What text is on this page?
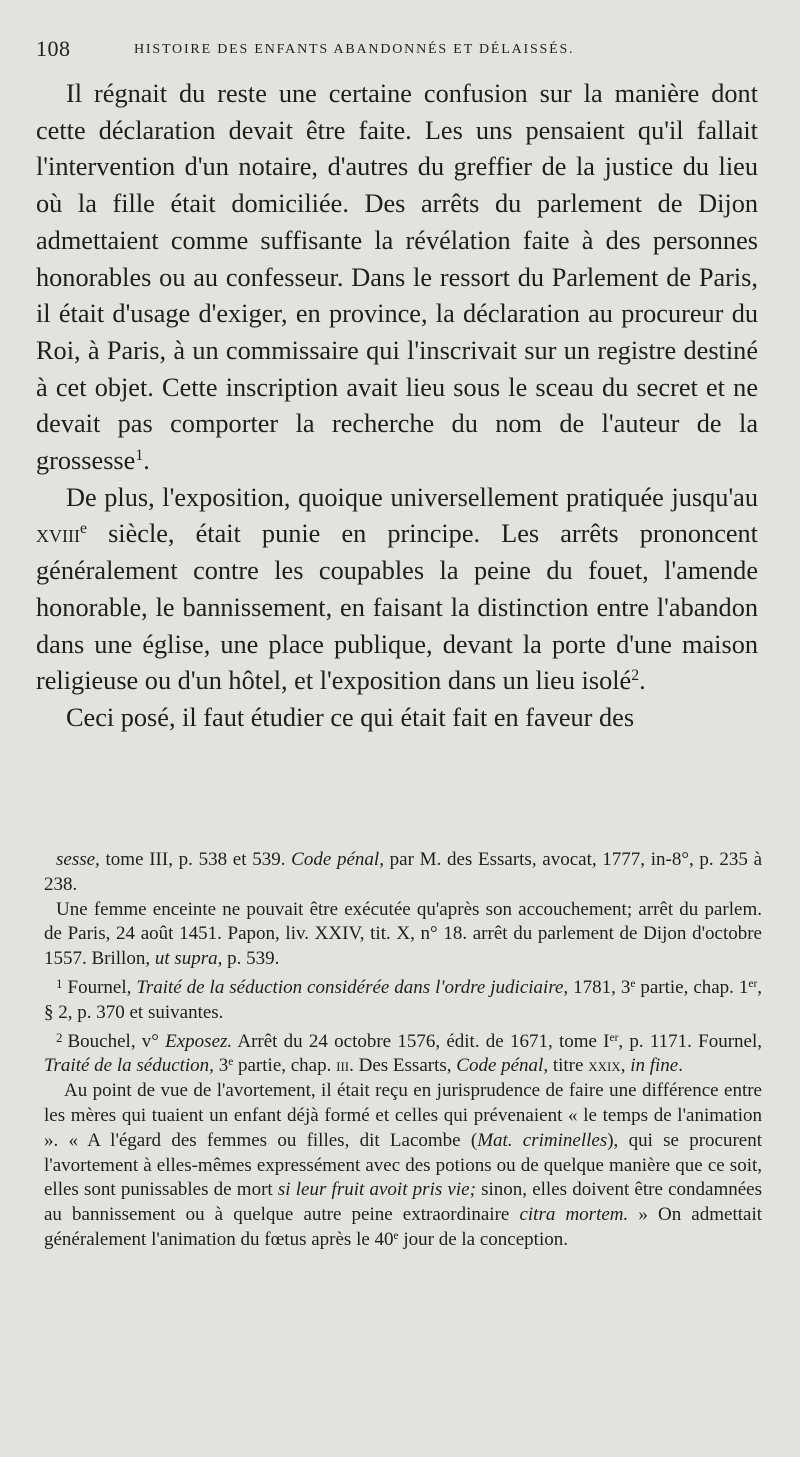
108	HISTOIRE DES ENFANTS ABANDONNÉS ET DÉLAISSÉS.

Il régnait du reste une certaine confusion sur la manière dont cette déclaration devait être faite. Les uns pensaient qu'il fallait l'intervention d'un notaire, d'autres du greffier de la justice du lieu où la fille était domiciliée. Des arrêts du parlement de Dijon admettaient comme suffisante la révélation faite à des personnes honorables ou au confesseur. Dans le ressort du Parlement de Paris, il était d'usage d'exiger, en province, la déclaration au procureur du Roi, à Paris, à un commissaire qui l'inscrivait sur un registre destiné à cet objet. Cette inscription avait lieu sous le sceau du secret et ne devait pas comporter la recherche du nom de l'auteur de la grossesse$^1$.

De plus, l'exposition, quoique universellement pratiquée jusqu'au xviii$^e$ siècle, était punie en principe. Les arrêts prononcent généralement contre les coupables la peine du fouet, l'amende honorable, le bannissement, en faisant la distinction entre l'abandon dans une église, une place publique, devant la porte d'une maison religieuse ou d'un hôtel, et l'exposition dans un lieu isolé$^2$.

Ceci posé, il faut étudier ce qui était fait en faveur des

sesse, tome III, p. 538 et 539. Code pénal, par M. des Essarts, avocat, 1777, in-8°, p. 235 à 238.

Une femme enceinte ne pouvait être exécutée qu'après son accouchement; arrêt du parlem. de Paris, 24 août 1451. Papon, liv. XXIV, tit. X, n° 18. arrêt du parlement de Dijon d'octobre 1557. Brillon, ut supra, p. 539.

$^1$ Fournel, Traité de la séduction considérée dans l'ordre judiciaire, 1781, 3e partie, chap. 1er, § 2, p. 370 et suivantes.

$^2$ Bouchel, v° Exposez. Arrêt du 24 octobre 1576, édit. de 1671, tome Ier, p. 1171. Fournel, Traité de la séduction, 3e partie, chap. iii. Des Essarts, Code pénal, titre xxix, in fine.

Au point de vue de l'avortement, il était reçu en jurisprudence de faire une différence entre les mères qui tuaient un enfant déjà formé et celles qui prévenaient « le temps de l'animation ». « A l'égard des femmes ou filles, dit Lacombe (Mat. criminelles), qui se procurent l'avortement à elles-mêmes expressément avec des potions ou de quelque manière que ce soit, elles sont punissables de mort si leur fruit avoit pris vie; sinon, elles doivent être condamnées au bannissement ou à quelque autre peine extraordinaire citra mortem. » On admettait généralement l'animation du fœtus après le 40e jour de la conception.
